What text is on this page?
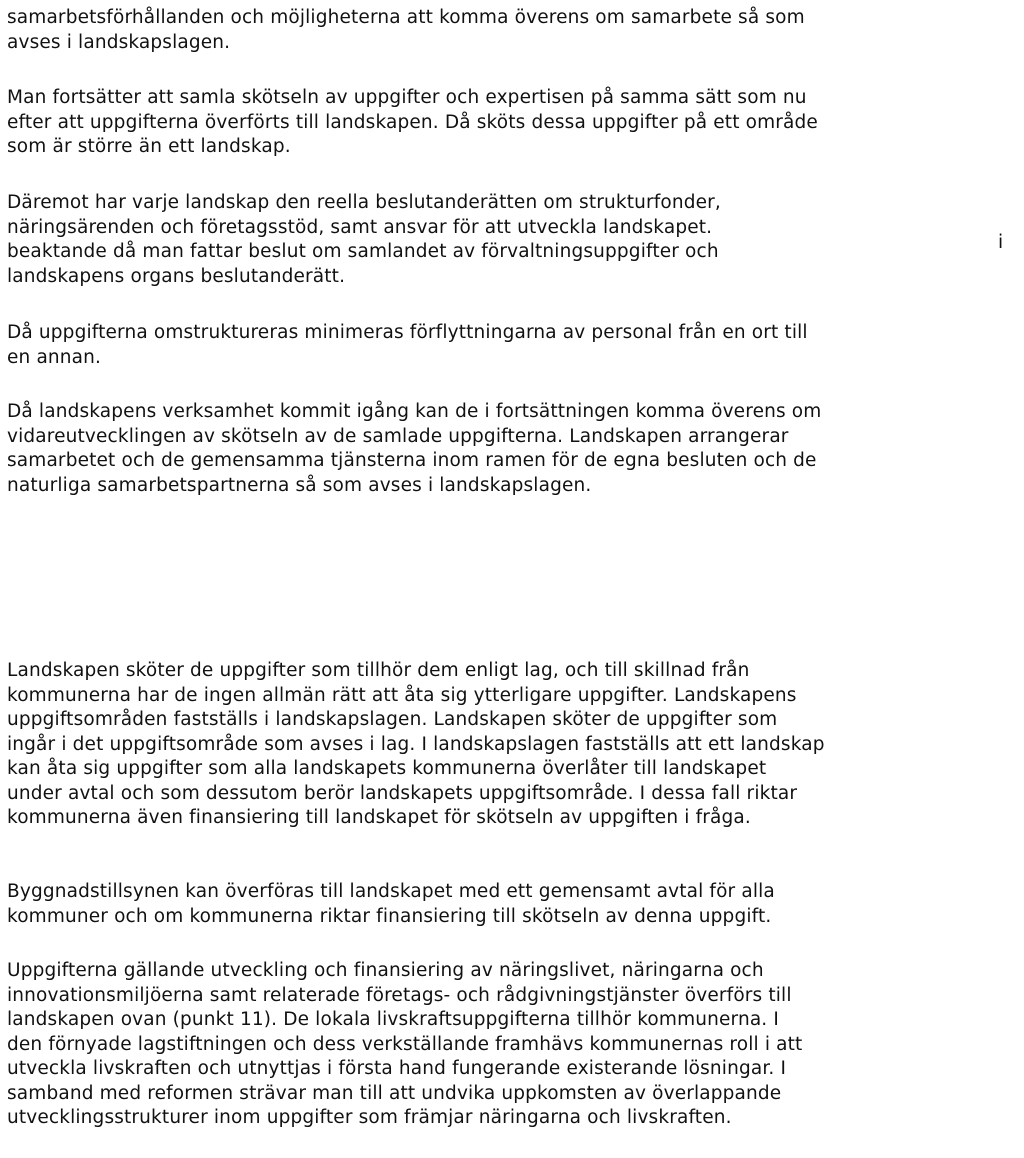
samarbetsförhållanden och möjligheterna att komma överens om samarbete så som
avses i landskapslagen.

Man fortsätter att samla skötseln av uppgifter och expertisen på samma sätt som nu
efter att uppgifterna överförts till landskapen. Då sköts dessa uppgifter på ett område
som är större än ett landskap.

Däremot har varje landskap den reella beslutanderätten om strukturfonder,
näringsärenden och företagsstöd, samt ansvar för att utveckla landskapet.
beaktande då man fattar beslut om samlandet av förvaltningsuppgifter och
landskapens organs beslutanderätt.

i

Då uppgifterna omstruktureras minimeras förflyttningarna av personal från en ort till
en annan.

Då landskapens verksamhet kommit igång kan de i fortsättningen komma överens om
vidareutvecklingen av skötseln av de samlade uppgifterna. Landskapen arrangerar
samarbetet och de gemensamma tjänsterna inom ramen för de egna besluten och de
naturliga samarbetspartnerna så som avses i landskapslagen.

Landskapen sköter de uppgifter som tillhör dem enligt lag, och till skillnad från
kommunerna har de ingen allmän rätt att åta sig ytterligare uppgifter. Landskapens
uppgiftsområden fastställs i landskapslagen. Landskapen sköter de uppgifter som
ingår i det uppgiftsområde som avses i lag. I landskapslagen fastställs att ett landskap
kan åta sig uppgifter som alla landskapets kommunerna överlåter till landskapet
under avtal och som dessutom berör landskapets uppgiftsområde. I dessa fall riktar
kommunerna även finansiering till landskapet för skötseln av uppgiften i fråga.

Byggnadstillsynen kan överföras till landskapet med ett gemensamt avtal för alla
kommuner och om kommunerna riktar finansiering till skötseln av denna uppgift.

Uppgifterna gällande utveckling och finansiering av näringslivet, näringarna och
innovationsmiljöerna samt relaterade företags- och rådgivningstjänster överförs till
landskapen ovan (punkt 11). De lokala livskraftsuppgifterna tillhör kommunerna. I
den förnyade lagstiftningen och dess verkställande framhävs kommunernas roll i att
utveckla livskraften och utnyttjas i första hand fungerande existerande lösningar. I
samband med reformen strävar man till att undvika uppkomsten av överlappande
utvecklingsstrukturer inom uppgifter som främjar näringarna och livskraften.
